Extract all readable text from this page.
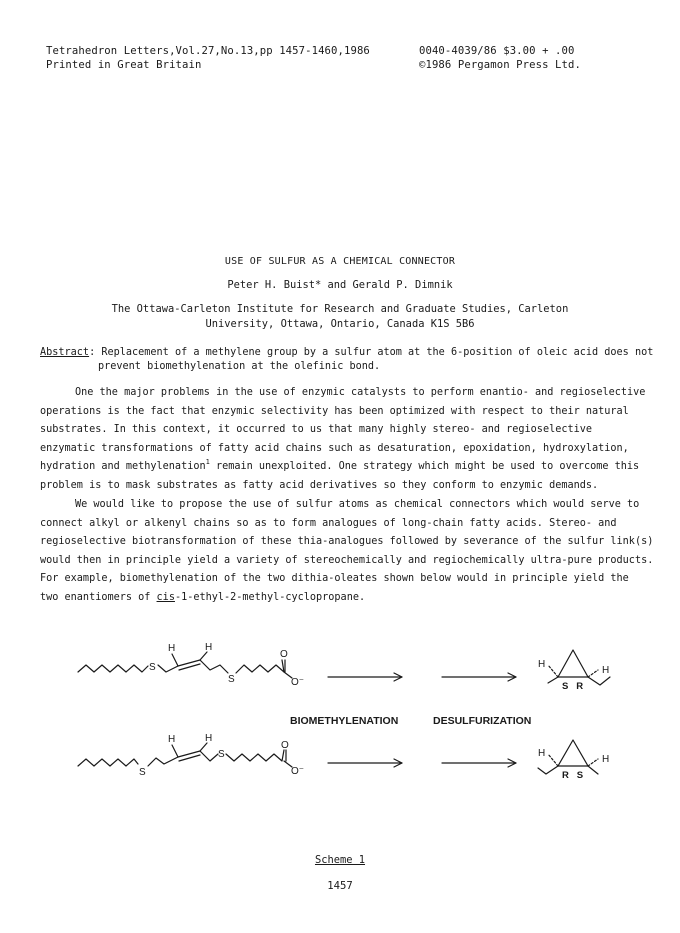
Tetrahedron Letters,Vol.27,No.13,pp 1457-1460,1986	0040-4039/86 $3.00 + .00
Printed in Great Britain	©1986 Pergamon Press Ltd.
USE OF SULFUR AS A CHEMICAL CONNECTOR
Peter H. Buist* and Gerald P. Dimnik
The Ottawa-Carleton Institute for Research and Graduate Studies, Carleton
University, Ottawa, Ontario, Canada K1S 5B6
Abstract: Replacement of a methylene group by a sulfur atom at the 6-position of oleic acid does not
prevent biomethylenation at the olefinic bond.
One the major problems in the use of enzymic catalysts to perform enantio- and regioselective
operations is the fact that enzymic selectivity has been optimized with respect to their natural
substrates. In this context, it occurred to us that many highly stereo- and regioselective
enzymatic transformations of fatty acid chains such as desaturation, epoxidation, hydroxylation,
hydration and methylenation$^1$ remain unexploited. One strategy which might be used to overcome this
problem is to mask substrates as fatty acid derivatives so they conform to enzymic demands.
We would like to propose the use of sulfur atoms as chemical connectors which would serve to
connect alkyl or alkenyl chains so as to form analogues of long-chain fatty acids. Stereo- and
regioselective biotransformation of these thia-analogues followed by severance of the sulfur link(s)
would then in principle yield a variety of stereochemically and regiochemically ultra-pure products.
For example, biomethylenation of the two dithia-oleates shown below would in principle yield the
two enantiomers of cis-1-ethyl-2-methyl-cyclopropane.
S
H	H
S
O
O⁻
H
H
S   R
BIOMETHYLENATION	DESULFURIZATION
S
H	H
S
O
O⁻
H
H
R   S
Scheme 1
1457
